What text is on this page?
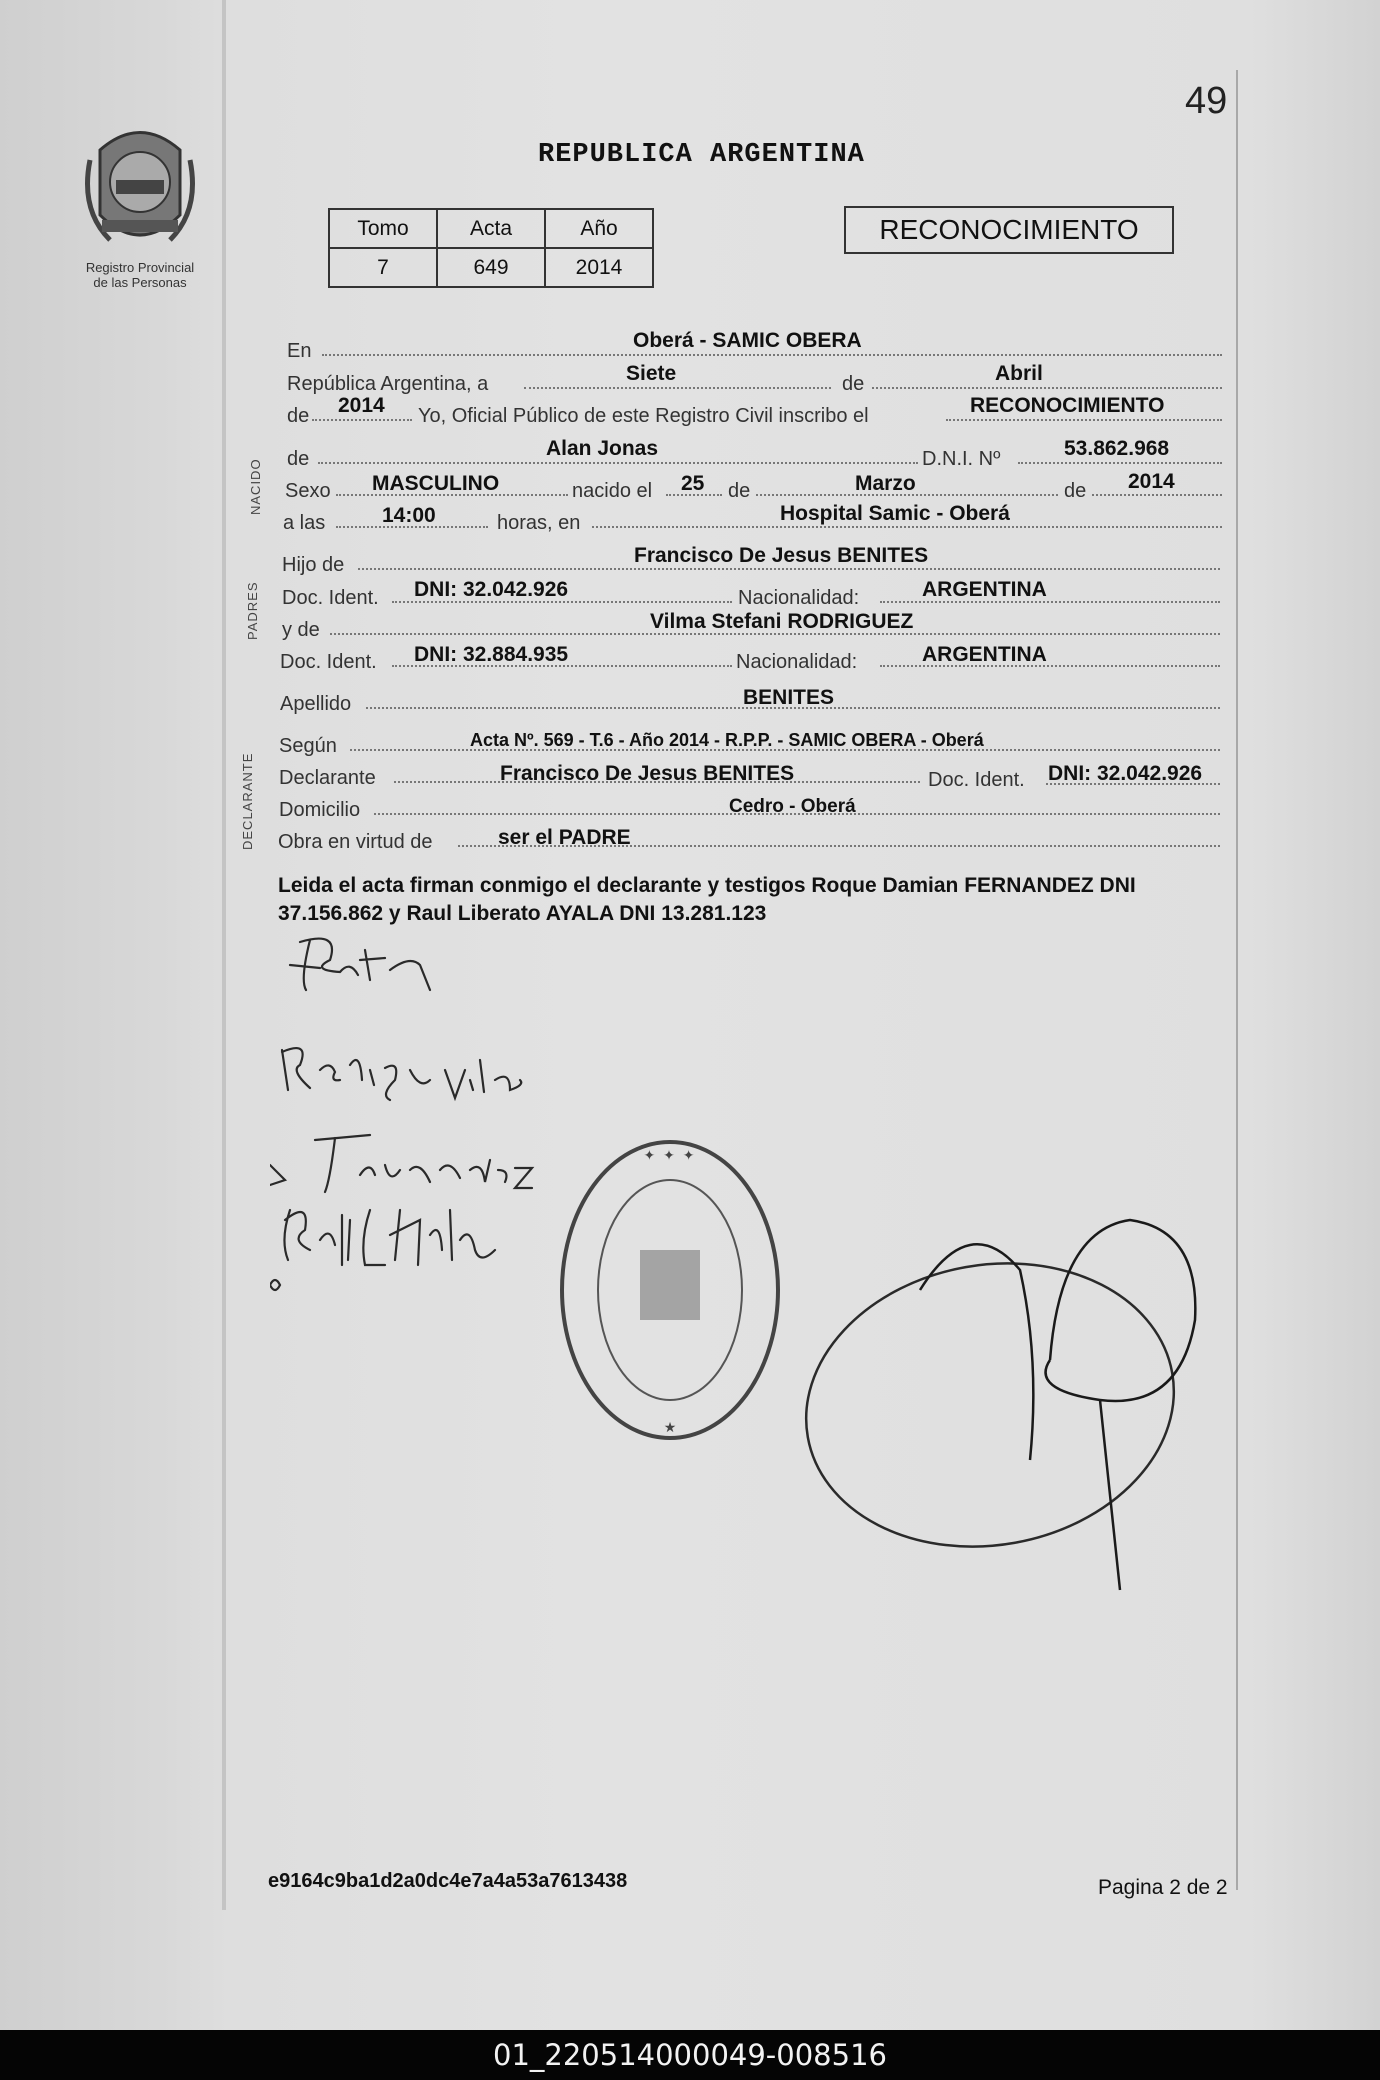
49
Registro Provincial
de las Personas
REPUBLICA ARGENTINA
Tomo	Acta	Año
7	649	2014
RECONOCIMIENTO
NACIDO
PADRES
DECLARANTE
En	Oberá - SAMIC OBERA
República Argentina, a	Siete	de	Abril
de 2014 Yo, Oficial Público de este Registro Civil inscribo el	RECONOCIMIENTO
de	Alan Jonas	D.N.I. Nº	53.862.968
Sexo MASCULINO	nacido el 25 de	Marzo	de 2014
a las	14:00	horas, en	Hospital Samic - Oberá
Hijo de	Francisco De Jesus BENITES
Doc. Ident. DNI: 32.042.926	Nacionalidad:	ARGENTINA
y de	Vilma Stefani RODRIGUEZ
Doc. Ident. DNI: 32.884.935	Nacionalidad:	ARGENTINA
Apellido	BENITES
Según	Acta Nº. 569 - T.6 - Año 2014 - R.P.P. - SAMIC OBERA - Oberá
Declarante	Francisco De Jesus BENITES	Doc. Ident. DNI: 32.042.926
Domicilio	Cedro - Oberá
Obra en virtud de	ser el PADRE
Leida el acta firman conmigo el declarante y testigos Roque Damian FERNANDEZ DNI 37.156.862 y Raul Liberato AYALA DNI 13.281.123
✦ ✦ ✦
★
e9164c9ba1d2a0dc4e7a4a53a7613438	Pagina 2 de 2
01_220514000049-008516
